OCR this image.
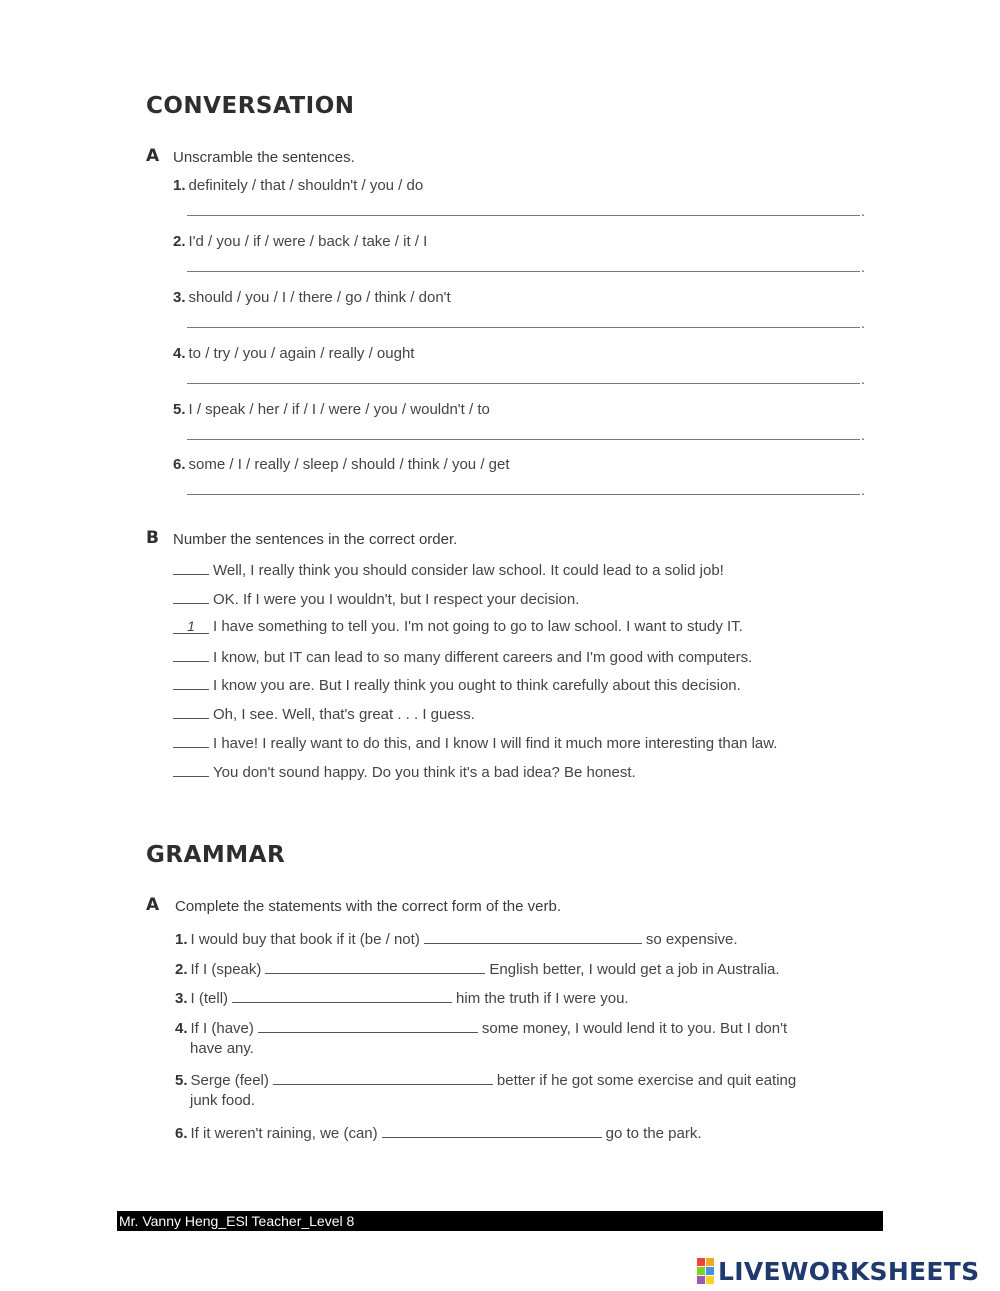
CONVERSATION
A Unscramble the sentences.
1. definitely / that / shouldn't / you / do
.
2. I'd / you / if / were / back / take / it / I
.
3. should / you / I / there / go / think / don't
.
4. to / try / you / again / really / ought
.
5. I / speak / her / if / I / were / you / wouldn't / to
.
6. some / I / really / sleep / should / think / you / get
.
B Number the sentences in the correct order.
Well, I really think you should consider law school. It could lead to a solid job!
OK. If I were you I wouldn't, but I respect your decision.
1 I have something to tell you. I'm not going to go to law school. I want to study IT.
I know, but IT can lead to so many different careers and I'm good with computers.
I know you are. But I really think you ought to think carefully about this decision.
Oh, I see. Well, that's great . . . I guess.
I have! I really want to do this, and I know I will find it much more interesting than law.
You don't sound happy. Do you think it's a bad idea? Be honest.
GRAMMAR
A Complete the statements with the correct form of the verb.
1. I would buy that book if it (be / not)	so expensive.
2. If I (speak)	English better, I would get a job in Australia.
3. I (tell)	him the truth if I were you.
4. If I (have)	some money, I would lend it to you. But I don't
have any.
5. Serge (feel)	better if he got some exercise and quit eating
junk food.
6. If it weren't raining, we (can)	go to the park.
Mr. Vanny Heng_ESl Teacher_Level 8
LIVEWORKSHEETS
